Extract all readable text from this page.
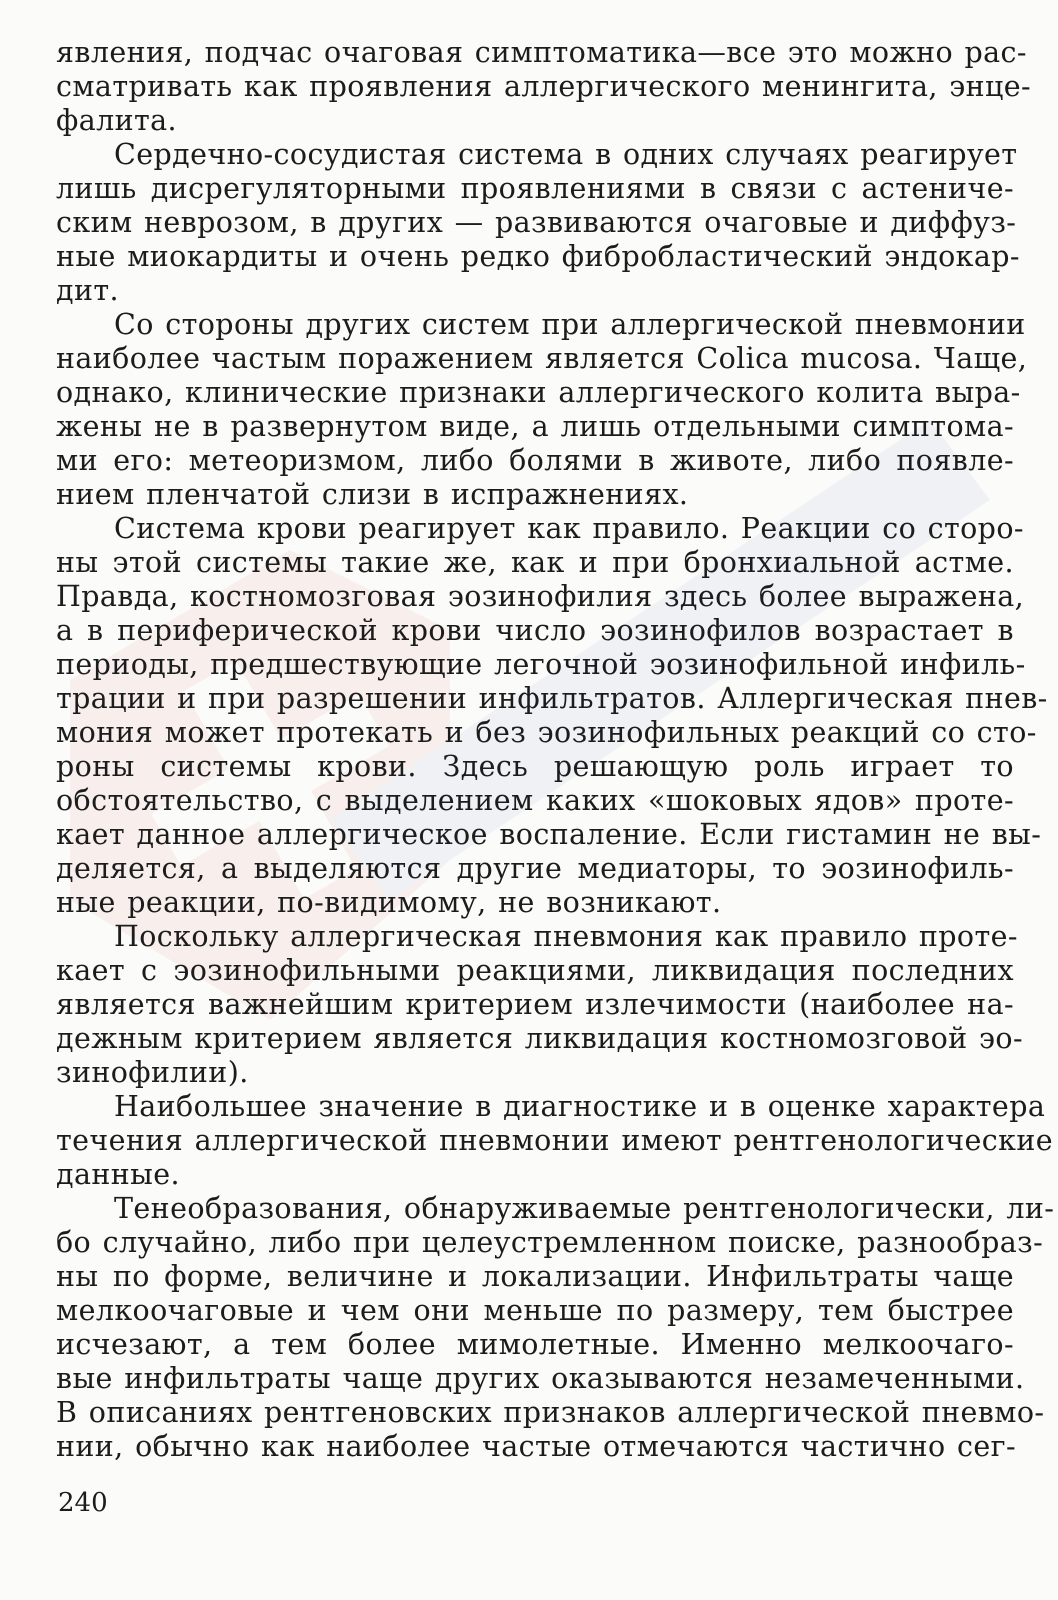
явления, подчас очаговая симптоматика—все это можно рас-
сматривать как проявления аллергического менингита, энце-
фалита.
Сердечно-сосудистая система в одних случаях реагирует
лишь дисрегуляторными проявлениями в связи с астениче-
ским неврозом, в других — развиваются очаговые и диффуз-
ные миокардиты и очень редко фибробластический эндокар-
дит.
Со стороны других систем при аллергической пневмонии
наиболее частым поражением является Colica mucosa. Чаще,
однако, клинические признаки аллергического колита выра-
жены не в развернутом виде, а лишь отдельными симптома-
ми его: метеоризмом, либо болями в животе, либо появле-
нием пленчатой слизи в испражнениях.
Система крови реагирует как правило. Реакции со сторо-
ны этой системы такие же, как и при бронхиальной астме.
Правда, костномозговая эозинофилия здесь более выражена,
а в периферической крови число эозинофилов возрастает в
периоды, предшествующие легочной эозинофильной инфиль-
трации и при разрешении инфильтратов. Аллергическая пнев-
мония может протекать и без эозинофильных реакций со сто-
роны системы крови. Здесь решающую роль играет то
обстоятельство, с выделением каких «шоковых ядов» проте-
кает данное аллергическое воспаление. Если гистамин не вы-
деляется, а выделяются другие медиаторы, то эозинофиль-
ные реакции, по-видимому, не возникают.
Поскольку аллергическая пневмония как правило проте-
кает с эозинофильными реакциями, ликвидация последних
является важнейшим критерием излечимости (наиболее на-
дежным критерием является ликвидация костномозговой эо-
зинофилии).
Наибольшее значение в диагностике и в оценке характера
течения аллергической пневмонии имеют рентгенологические
данные.
Тенеобразования, обнаруживаемые рентгенологически, ли-
бо случайно, либо при целеустремленном поиске, разнообраз-
ны по форме, величине и локализации. Инфильтраты чаще
мелкоочаговые и чем они меньше по размеру, тем быстрее
исчезают, а тем более мимолетные. Именно мелкоочаго-
вые инфильтраты чаще других оказываются незамеченными.
В описаниях рентгеновских признаков аллергической пневмо-
нии, обычно как наиболее частые отмечаются частично сег-
240
